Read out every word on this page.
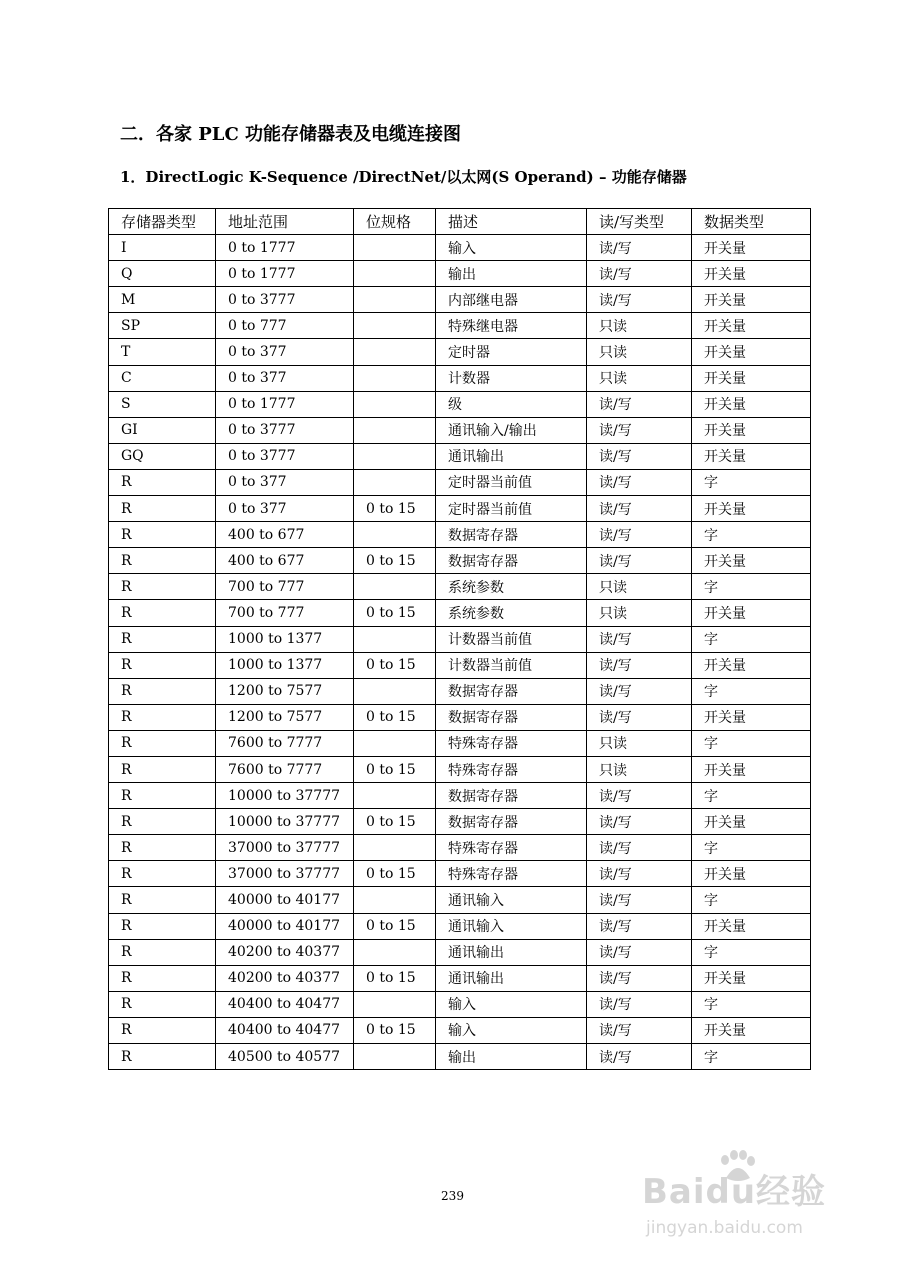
二．各家 PLC 功能存储器表及电缆连接图
1．DirectLogic K-Sequence /DirectNet/以太网(S Operand) – 功能存储器
存储器类型	地址范围	位规格	描述	读/写类型	数据类型
I	0 to 1777		输入	读/写	开关量
Q	0 to 1777		输出	读/写	开关量
M	0 to 3777		内部继电器	读/写	开关量
SP	0 to 777		特殊继电器	只读	开关量
T	0 to 377		定时器	只读	开关量
C	0 to 377		计数器	只读	开关量
S	0 to 1777		级	读/写	开关量
GI	0 to 3777		通讯输入/输出	读/写	开关量
GQ	0 to 3777		通讯输出	读/写	开关量
R	0 to 377		定时器当前值	读/写	字
R	0 to 377	0 to 15	定时器当前值	读/写	开关量
R	400 to 677		数据寄存器	读/写	字
R	400 to 677	0 to 15	数据寄存器	读/写	开关量
R	700 to 777		系统参数	只读	字
R	700 to 777	0 to 15	系统参数	只读	开关量
R	1000 to 1377		计数器当前值	读/写	字
R	1000 to 1377	0 to 15	计数器当前值	读/写	开关量
R	1200 to 7577		数据寄存器	读/写	字
R	1200 to 7577	0 to 15	数据寄存器	读/写	开关量
R	7600 to 7777		特殊寄存器	只读	字
R	7600 to 7777	0 to 15	特殊寄存器	只读	开关量
R	10000 to 37777		数据寄存器	读/写	字
R	10000 to 37777	0 to 15	数据寄存器	读/写	开关量
R	37000 to 37777		特殊寄存器	读/写	字
R	37000 to 37777	0 to 15	特殊寄存器	读/写	开关量
R	40000 to 40177		通讯输入	读/写	字
R	40000 to 40177	0 to 15	通讯输入	读/写	开关量
R	40200 to 40377		通讯输出	读/写	字
R	40200 to 40377	0 to 15	通讯输出	读/写	开关量
R	40400 to 40477		输入	读/写	字
R	40400 to 40477	0 to 15	输入	读/写	开关量
R	40500 to 40577		输出	读/写	字
239	Baidu经验
jingyan.baidu.com
